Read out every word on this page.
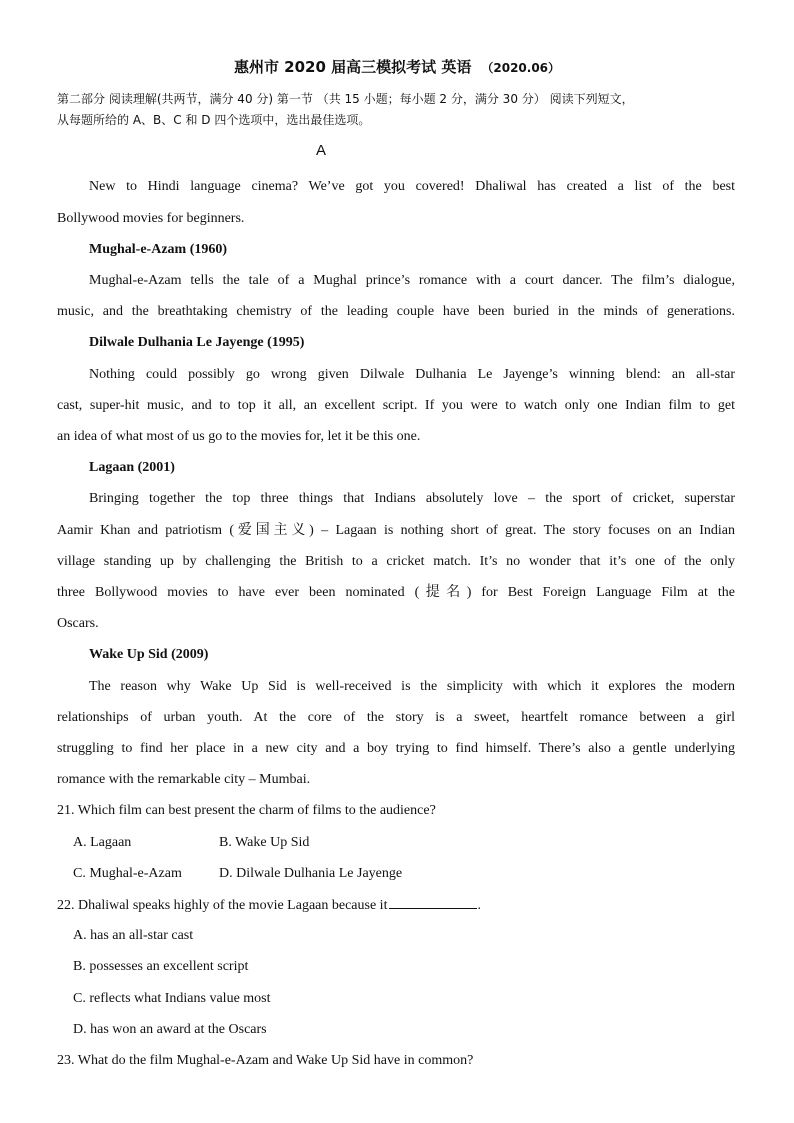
惠州市 2020 届高三模拟考试 英语 （2020.06）
第二部分 阅读理解(共两节，满分 40 分) 第一节 （共 15 小题；每小题 2 分，满分 30 分） 阅读下列短文，
从每题所给的 A、B、C 和 D 四个选项中，选出最佳选项。
A
New to Hindi language cinema? We’ve got you covered! Dhaliwal has created a list of the best
Bollywood movies for beginners.
Mughal-e-Azam (1960)
Mughal-e-Azam tells the tale of a Mughal prince’s romance with a court dancer. The film’s dialogue,
music, and the breathtaking chemistry of the leading couple have been buried in the minds of generations.
Dilwale Dulhania Le Jayenge (1995)
Nothing could possibly go wrong given Dilwale Dulhania Le Jayenge’s winning blend: an all-star
cast, super-hit music, and to top it all, an excellent script. If you were to watch only one Indian film to get
an idea of what most of us go to the movies for, let it be this one.
Lagaan (2001)
Bringing together the top three things that Indians absolutely love – the sport of cricket, superstar
Aamir Khan and patriotism (爱国主义) – Lagaan is nothing short of great. The story focuses on an Indian
village standing up by challenging the British to a cricket match. It’s no wonder that it’s one of the only
three Bollywood movies to have ever been nominated (提名) for Best Foreign Language Film at the
Oscars.
Wake Up Sid (2009)
The reason why Wake Up Sid is well-received is the simplicity with which it explores the modern
relationships of urban youth. At the core of the story is a sweet, heartfelt romance between a girl
struggling to find her place in a new city and a boy trying to find himself. There’s also a gentle underlying
romance with the remarkable city – Mumbai.
21. Which film can best present the charm of films to the audience?
A. Lagaan	B. Wake Up Sid
C. Mughal-e-Azam	D. Dilwale Dulhania Le Jayenge
22. Dhaliwal speaks highly of the movie Lagaan because it	.
A. has an all-star cast
B. possesses an excellent script
C. reflects what Indians value most
D. has won an award at the Oscars
23. What do the film Mughal-e-Azam and Wake Up Sid have in common?
